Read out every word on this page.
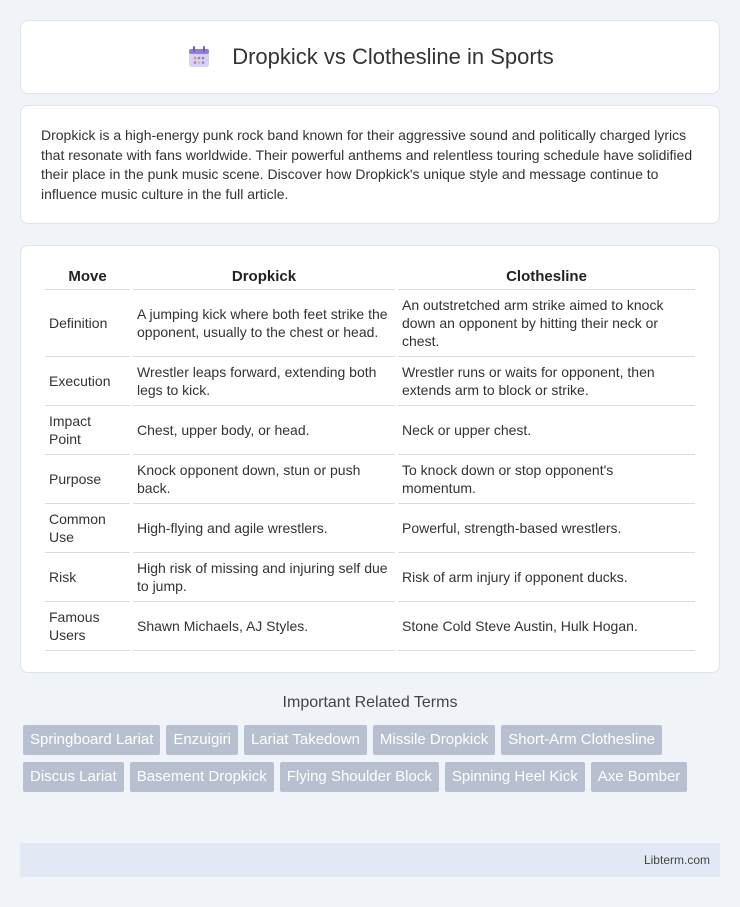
Dropkick vs Clothesline in Sports

Dropkick is a high-energy punk rock band known for their aggressive sound and politically charged lyrics that resonate with fans worldwide. Their powerful anthems and relentless touring schedule have solidified their place in the punk music scene. Discover how Dropkick's unique style and message continue to influence music culture in the full article.

Move	Dropkick	Clothesline
Definition	A jumping kick where both feet strike the opponent, usually to the chest or head.	An outstretched arm strike aimed to knock down an opponent by hitting their neck or chest.
Execution	Wrestler leaps forward, extending both legs to kick.	Wrestler runs or waits for opponent, then extends arm to block or strike.
Impact Point	Chest, upper body, or head.	Neck or upper chest.
Purpose	Knock opponent down, stun or push back.	To knock down or stop opponent's momentum.
Common Use	High-flying and agile wrestlers.	Powerful, strength-based wrestlers.
Risk	High risk of missing and injuring self due to jump.	Risk of arm injury if opponent ducks.
Famous Users	Shawn Michaels, AJ Styles.	Stone Cold Steve Austin, Hulk Hogan.
Important Related Terms
Springboard Lariat	Enzuigiri	Lariat Takedown	Missile Dropkick	Short-Arm Clothesline
Discus Lariat	Basement Dropkick	Flying Shoulder Block	Spinning Heel Kick	Axe Bomber
Libterm.com
